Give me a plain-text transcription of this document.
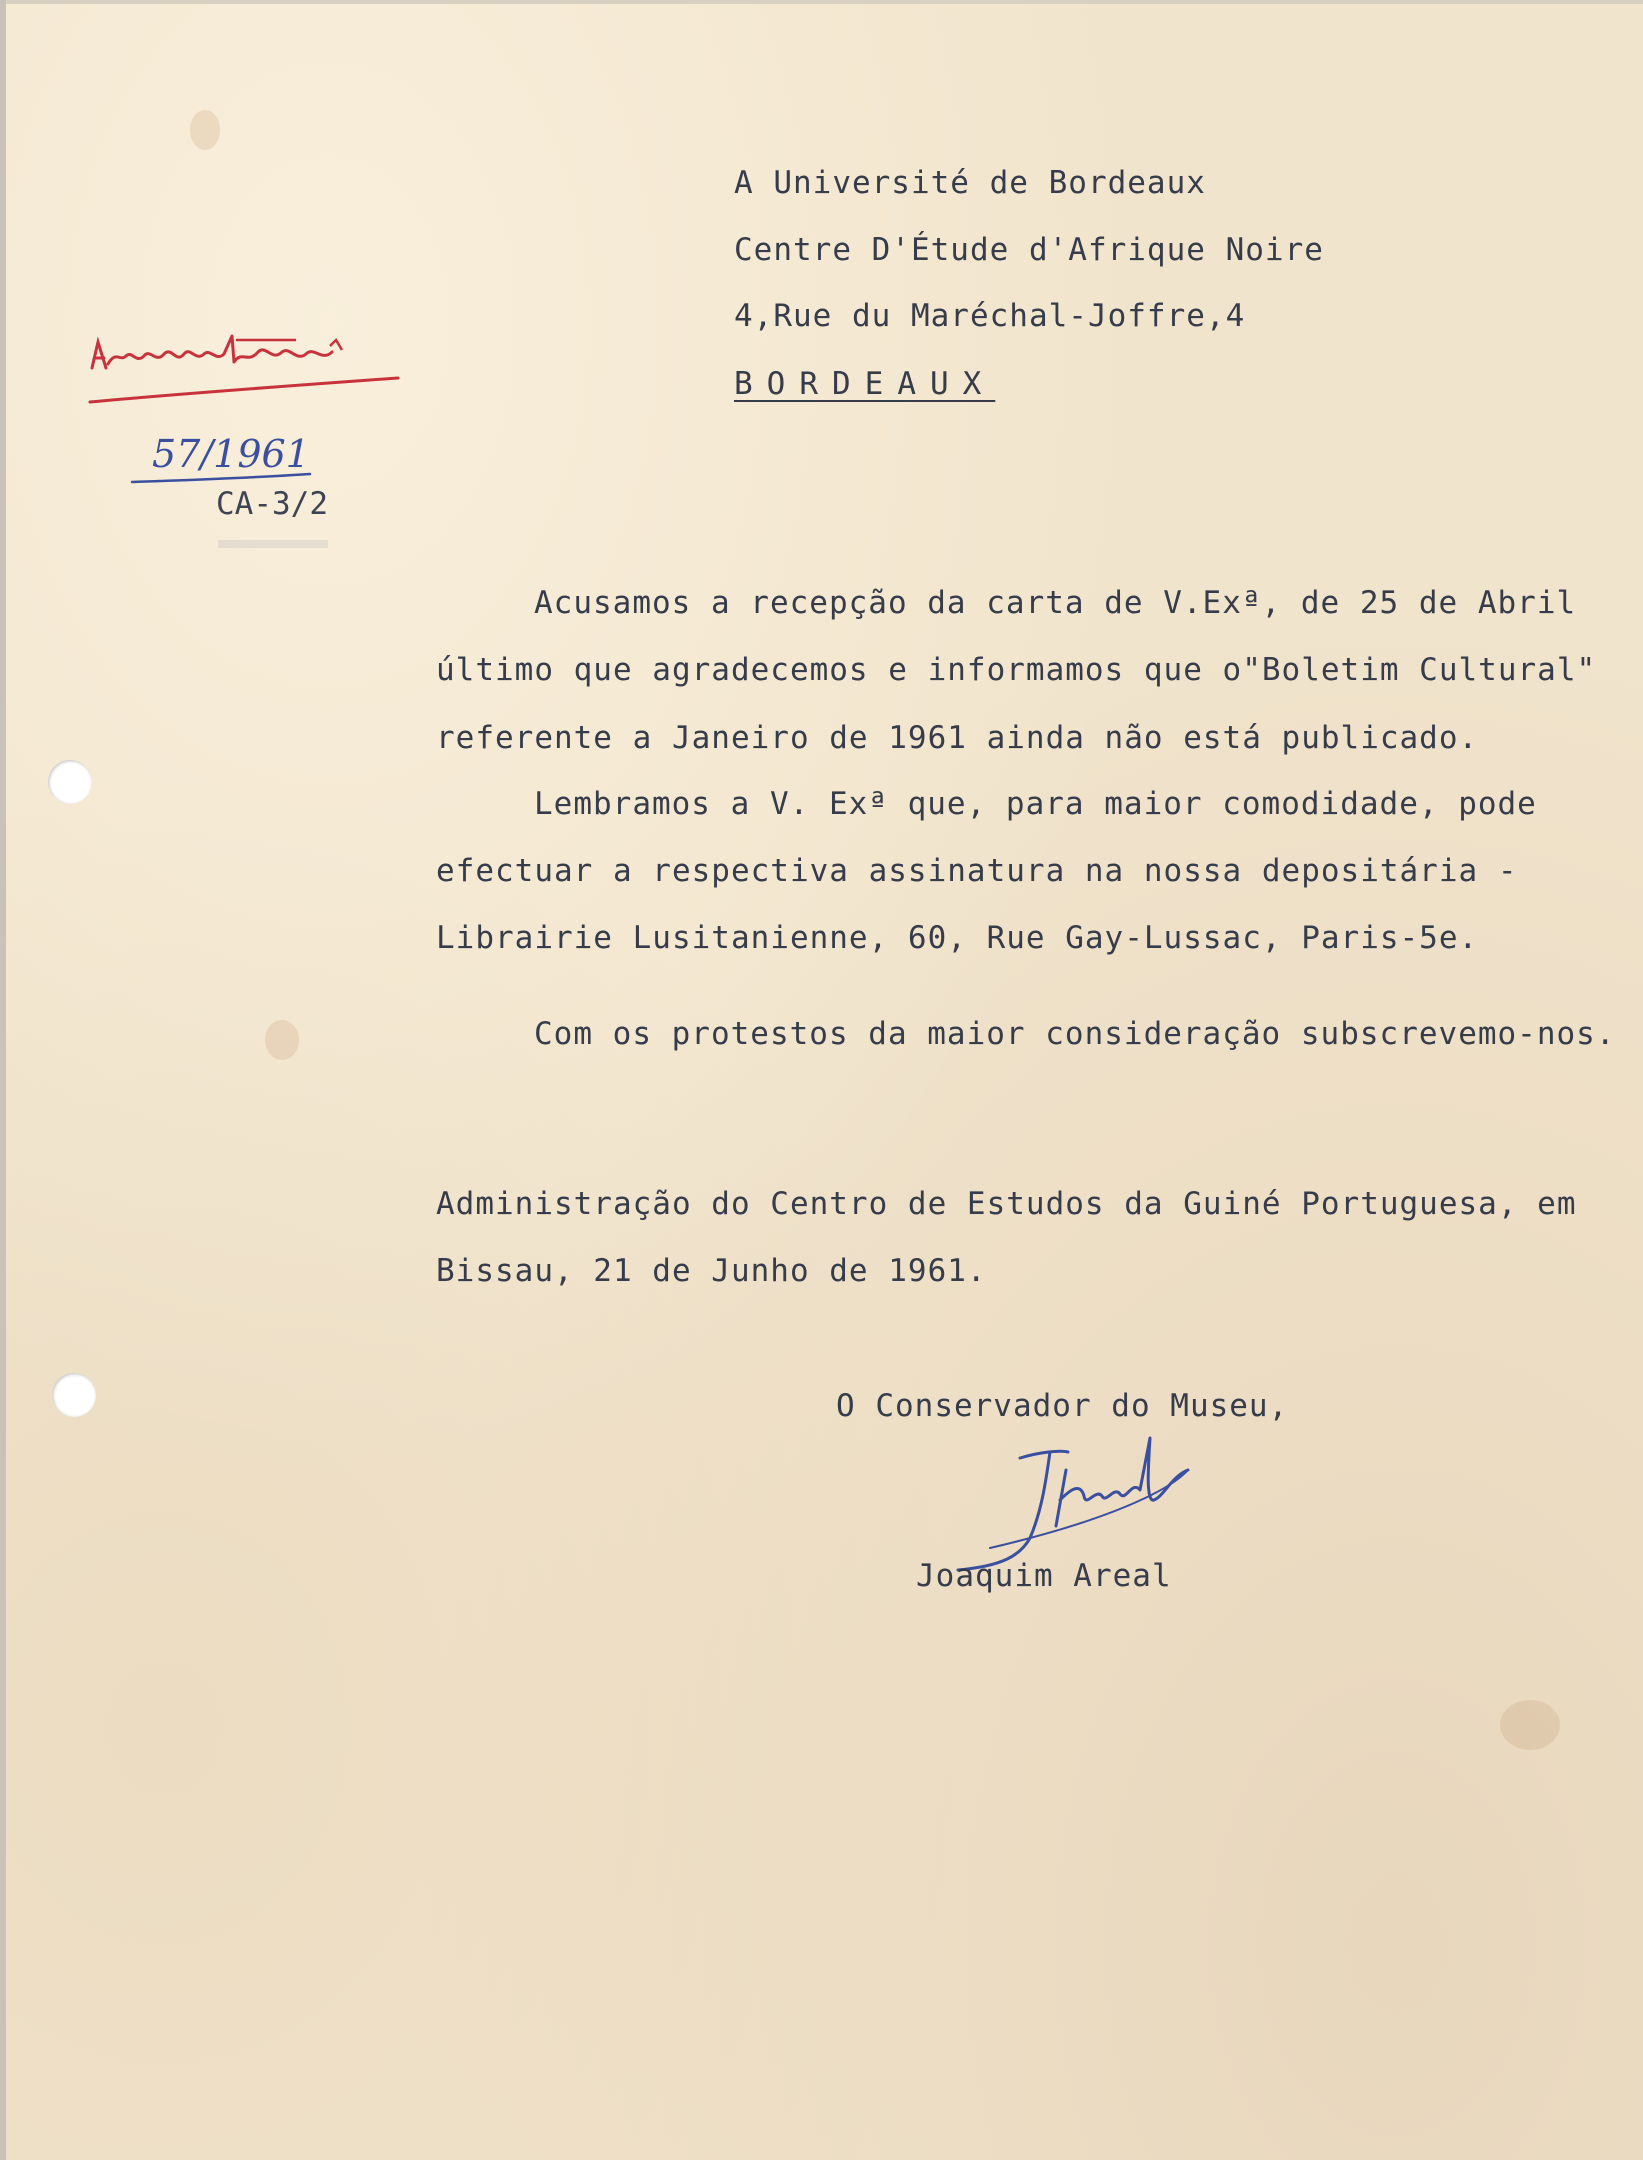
A Université de Bordeaux
Centre D'Étude d'Afrique Noire
4,Rue du Maréchal-Joffre,4
BORDEAUX
57/1961
CA-3/2
Acusamos a recepção da carta de V.Exª, de 25 de Abril
último que agradecemos e informamos que o"Boletim Cultural"
referente a Janeiro de 1961 ainda não está publicado.
Lembramos a V. Exª que, para maior comodidade, pode
efectuar a respectiva assinatura na nossa depositária -
Librairie Lusitanienne, 60, Rue Gay-Lussac, Paris-5e.
Com os protestos da maior consideração subscrevemo-nos.
Administração do Centro de Estudos da Guiné Portuguesa, em
Bissau, 21 de Junho de 1961.
O Conservador do Museu,
Joaquim Areal
